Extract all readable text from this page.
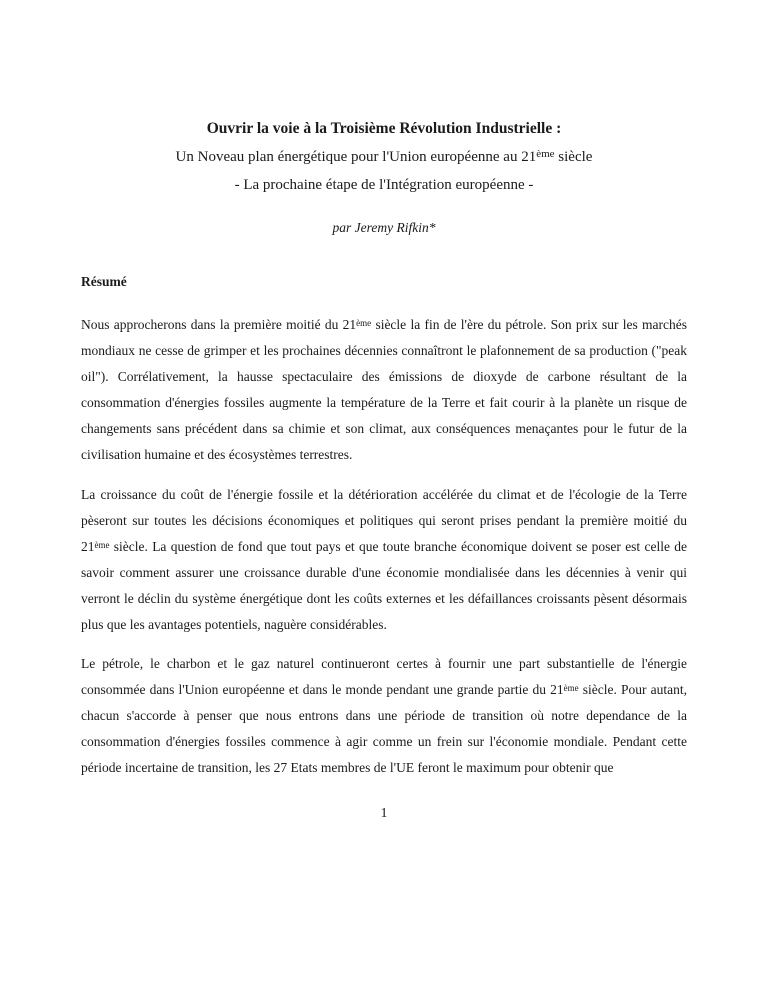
Ouvrir la voie à la Troisième Révolution Industrielle :
Un Noveau plan énergétique pour l'Union européenne au 21ème siècle
- La prochaine étape de l'Intégration européenne -
par Jeremy Rifkin*
Résumé

Nous approcherons dans la première moitié du 21ème siècle la fin de l'ère du pétrole. Son prix sur les marchés mondiaux ne cesse de grimper et les prochaines décennies connaîtront le plafonnement de sa production ("peak oil"). Corrélativement, la hausse spectaculaire des émissions de dioxyde de carbone résultant de la consommation d'énergies fossiles augmente la température de la Terre et fait courir à la planète un risque de changements sans précédent dans sa chimie et son climat, aux conséquences menaçantes pour le futur de la civilisation humaine et des écosystèmes terrestres.

La croissance du coût de l'énergie fossile et la détérioration accélérée du climat et de l'écologie de la Terre pèseront sur toutes les décisions économiques et politiques qui seront prises pendant la première moitié du 21ème siècle. La question de fond que tout pays et que toute branche économique doivent se poser est celle de savoir comment assurer une croissance durable d'une économie mondialisée dans les décennies à venir qui verront le déclin du système énergétique dont les coûts externes et les défaillances croissants pèsent désormais plus que les avantages potentiels, naguère considérables.

Le pétrole, le charbon et le gaz naturel continueront certes à fournir une part substantielle de l'énergie consommée dans l'Union européenne et dans le monde pendant une grande partie du 21ème siècle. Pour autant, chacun s'accorde à penser que nous entrons dans une période de transition où notre dependance de la consommation d'énergies fossiles commence à agir comme un frein sur l'économie mondiale. Pendant cette période incertaine de transition, les 27 Etats membres de l'UE feront le maximum pour obtenir que

1
